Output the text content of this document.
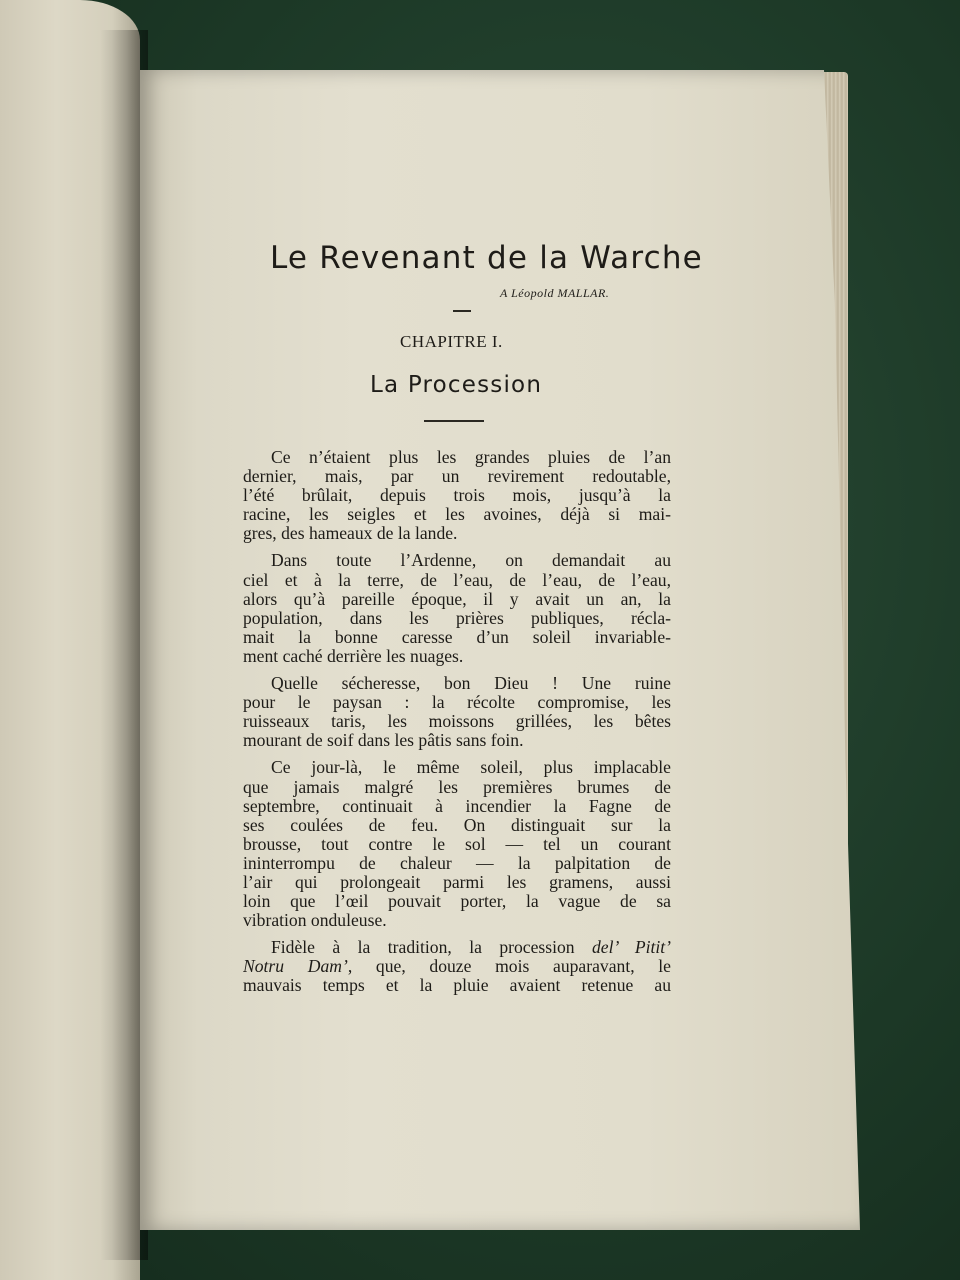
Le Revenant de la Warche
A Léopold MALLAR.
CHAPITRE I.
La Procession
Ce n’étaient plus les grandes pluies de l’an
dernier, mais, par un revirement redoutable,
l’été brûlait, depuis trois mois, jusqu’à la
racine, les seigles et les avoines, déjà si mai-
gres, des hameaux de la lande.
Dans toute l’Ardenne, on demandait au
ciel et à la terre, de l’eau, de l’eau, de l’eau,
alors qu’à pareille époque, il y avait un an, la
population, dans les prières publiques, récla-
mait la bonne caresse d’un soleil invariable-
ment caché derrière les nuages.
Quelle sécheresse, bon Dieu ! Une ruine
pour le paysan : la récolte compromise, les
ruisseaux taris, les moissons grillées, les bêtes
mourant de soif dans les pâtis sans foin.
Ce jour-là, le même soleil, plus implacable
que jamais malgré les premières brumes de
septembre, continuait à incendier la Fagne de
ses coulées de feu. On distinguait sur la
brousse, tout contre le sol — tel un courant
ininterrompu de chaleur — la palpitation de
l’air qui prolongeait parmi les gramens, aussi
loin que l’œil pouvait porter, la vague de sa
vibration onduleuse.
Fidèle à la tradition, la procession del’ Pitit’
Notru Dam’, que, douze mois auparavant, le
mauvais temps et la pluie avaient retenue au
